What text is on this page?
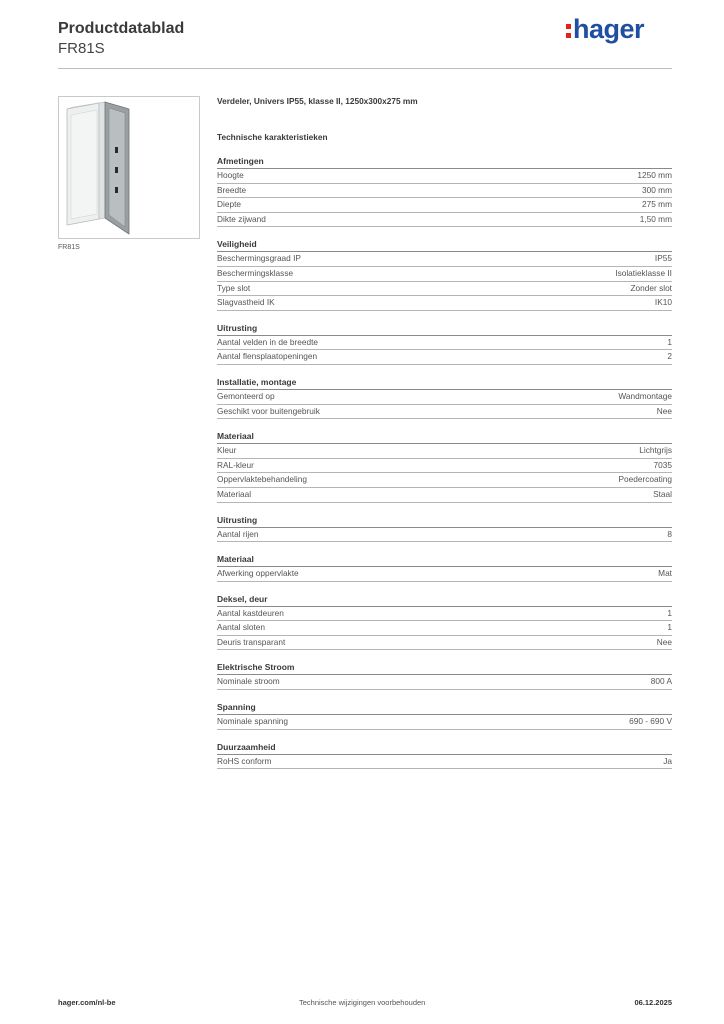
Productdatablad
FR81S
hager
FR81S
Verdeler, Univers IP55, klasse II, 1250x300x275 mm
Technische karakteristieken
Afmetingen
Hoogte	1250 mm
Breedte	300 mm
Diepte	275 mm
Dikte zijwand	1,50 mm
Veiligheid
Beschermingsgraad IP	IP55
Beschermingsklasse	Isolatieklasse II
Type slot	Zonder slot
Slagvastheid IK	IK10
Uitrusting
Aantal velden in de breedte	1
Aantal flensplaatopeningen	2
Installatie, montage
Gemonteerd op	Wandmontage
Geschikt voor buitengebruik	Nee
Materiaal
Kleur	Lichtgrijs
RAL-kleur	7035
Oppervlaktebehandeling	Poedercoating
Materiaal	Staal
Uitrusting
Aantal rijen	8
Materiaal
Afwerking oppervlakte	Mat
Deksel, deur
Aantal kastdeuren	1
Aantal sloten	1
Deuris transparant	Nee
Elektrische Stroom
Nominale stroom	800 A
Spanning
Nominale spanning	690 - 690 V
Duurzaamheid
RoHS conform	Ja
hager.com/nl-be	Technische wijzigingen voorbehouden	06.12.2025
